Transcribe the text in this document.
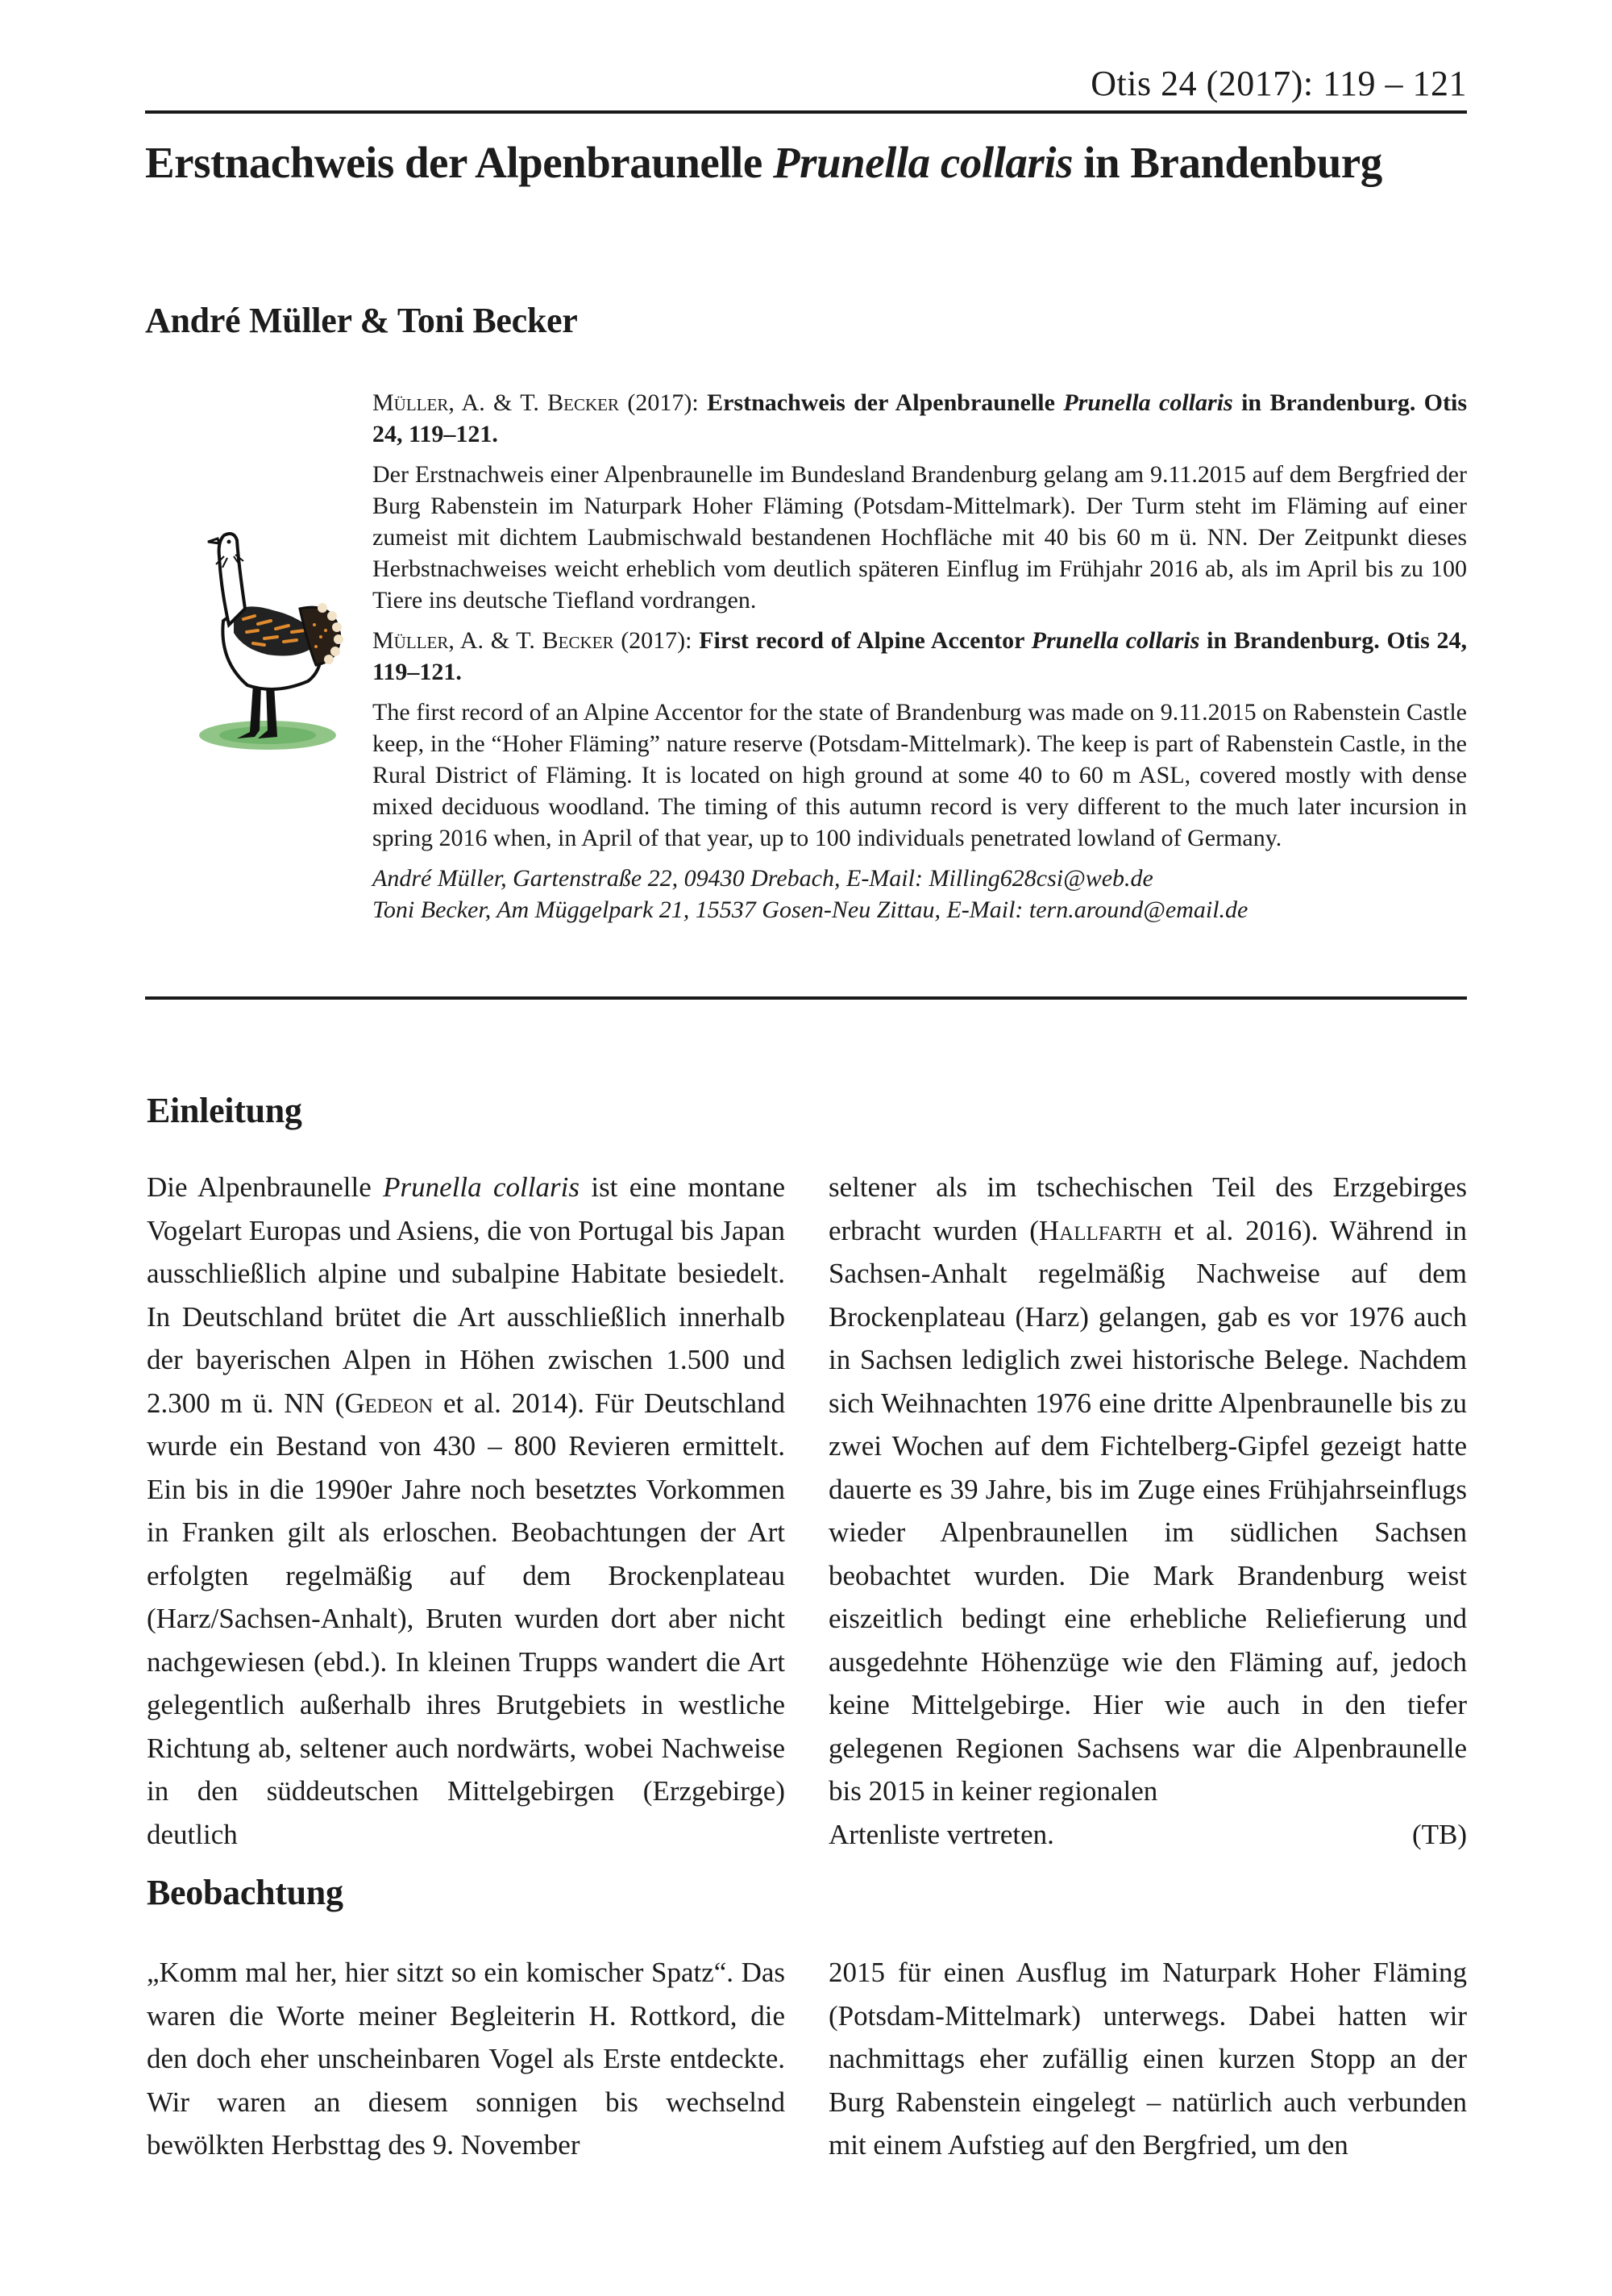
Otis 24 (2017): 119 – 121
Erstnachweis der Alpenbraunelle Prunella collaris in Brandenburg
André Müller & Toni Becker

Müller, A. & T. Becker (2017): Erstnachweis der Alpenbraunelle Prunella collaris in Brandenburg. Otis 24, 119–121.

Der Erstnachweis einer Alpenbraunelle im Bundesland Brandenburg gelang am 9.11.2015 auf dem Bergfried der Burg Rabenstein im Naturpark Hoher Fläming (Potsdam-Mittelmark). Der Turm steht im Fläming auf einer zumeist mit dichtem Laubmischwald bestandenen Hochfläche mit 40 bis 60 m ü. NN. Der Zeitpunkt dieses Herbstnachweises weicht erheblich vom deutlich späteren Einflug im Frühjahr 2016 ab, als im April bis zu 100 Tiere ins deutsche Tiefland vordrangen.

Müller, A. & T. Becker (2017): First record of Alpine Accentor Prunella collaris in Brandenburg. Otis 24, 119–121.

The first record of an Alpine Accentor for the state of Brandenburg was made on 9.11.2015 on Rabenstein Castle keep, in the “Hoher Fläming” nature reserve (Potsdam-Mittelmark). The keep is part of Rabenstein Castle, in the Rural District of Fläming. It is located on high ground at some 40 to 60 m ASL, covered mostly with dense mixed deciduous woodland. The timing of this autumn record is very different to the much later incursion in spring 2016 when, in April of that year, up to 100 individuals penetrated lowland of Germany.

André Müller, Gartenstraße 22, 09430 Drebach, E-Mail: Milling628csi@web.de

Toni Becker, Am Müggelpark 21, 15537 Gosen-Neu Zittau, E-Mail: tern.around@email.de

Einleitung

Die Alpenbraunelle Prunella collaris ist eine montane Vogelart Europas und Asiens, die von Portugal bis Japan ausschließlich alpine und subalpine Habitate besiedelt. In Deutschland brütet die Art ausschließlich innerhalb der bayerischen Alpen in Höhen zwischen 1.500 und 2.300 m ü. NN (Gedeon et al. 2014). Für Deutschland wurde ein Bestand von 430 – 800 Revieren ermittelt. Ein bis in die 1990er Jahre noch besetztes Vorkommen in Franken gilt als erloschen. Beobachtungen der Art erfolgten regelmäßig auf dem Brockenplateau (Harz/Sachsen-Anhalt), Bruten wurden dort aber nicht nachgewiesen (ebd.). In kleinen Trupps wandert die Art gelegentlich außerhalb ihres Brutgebiets in westliche Richtung ab, seltener auch nordwärts, wobei Nachweise in den süddeutschen Mittelgebirgen (Erzgebirge) deutlich

seltener als im tschechischen Teil des Erzgebirges erbracht wurden (Hallfarth et al. 2016). Während in Sachsen-Anhalt regelmäßig Nachweise auf dem Brockenplateau (Harz) gelangen, gab es vor 1976 auch in Sachsen lediglich zwei historische Belege. Nachdem sich Weihnachten 1976 eine dritte Alpenbraunelle bis zu zwei Wochen auf dem Fichtelberg-Gipfel gezeigt hatte dauerte es 39 Jahre, bis im Zuge eines Frühjahrseinflugs wieder Alpenbraunellen im südlichen Sachsen beobachtet wurden. Die Mark Brandenburg weist eiszeitlich bedingt eine erhebliche Reliefierung und ausgedehnte Höhenzüge wie den Fläming auf, jedoch keine Mittelgebirge. Hier wie auch in den tiefer gelegenen Regionen Sachsens war die Alpenbraunelle bis 2015 in keiner regionalen

Artenliste vertreten.	(TB)
Beobachtung

„Komm mal her, hier sitzt so ein komischer Spatz“. Das waren die Worte meiner Begleiterin H. Rottkord, die den doch eher unscheinbaren Vogel als Erste entdeckte. Wir waren an diesem sonnigen bis wechselnd bewölkten Herbsttag des 9. November

2015 für einen Ausflug im Naturpark Hoher Fläming (Potsdam-Mittelmark) unterwegs. Dabei hatten wir nachmittags eher zufällig einen kurzen Stopp an der Burg Rabenstein eingelegt – natürlich auch verbunden mit einem Aufstieg auf den Bergfried, um den
